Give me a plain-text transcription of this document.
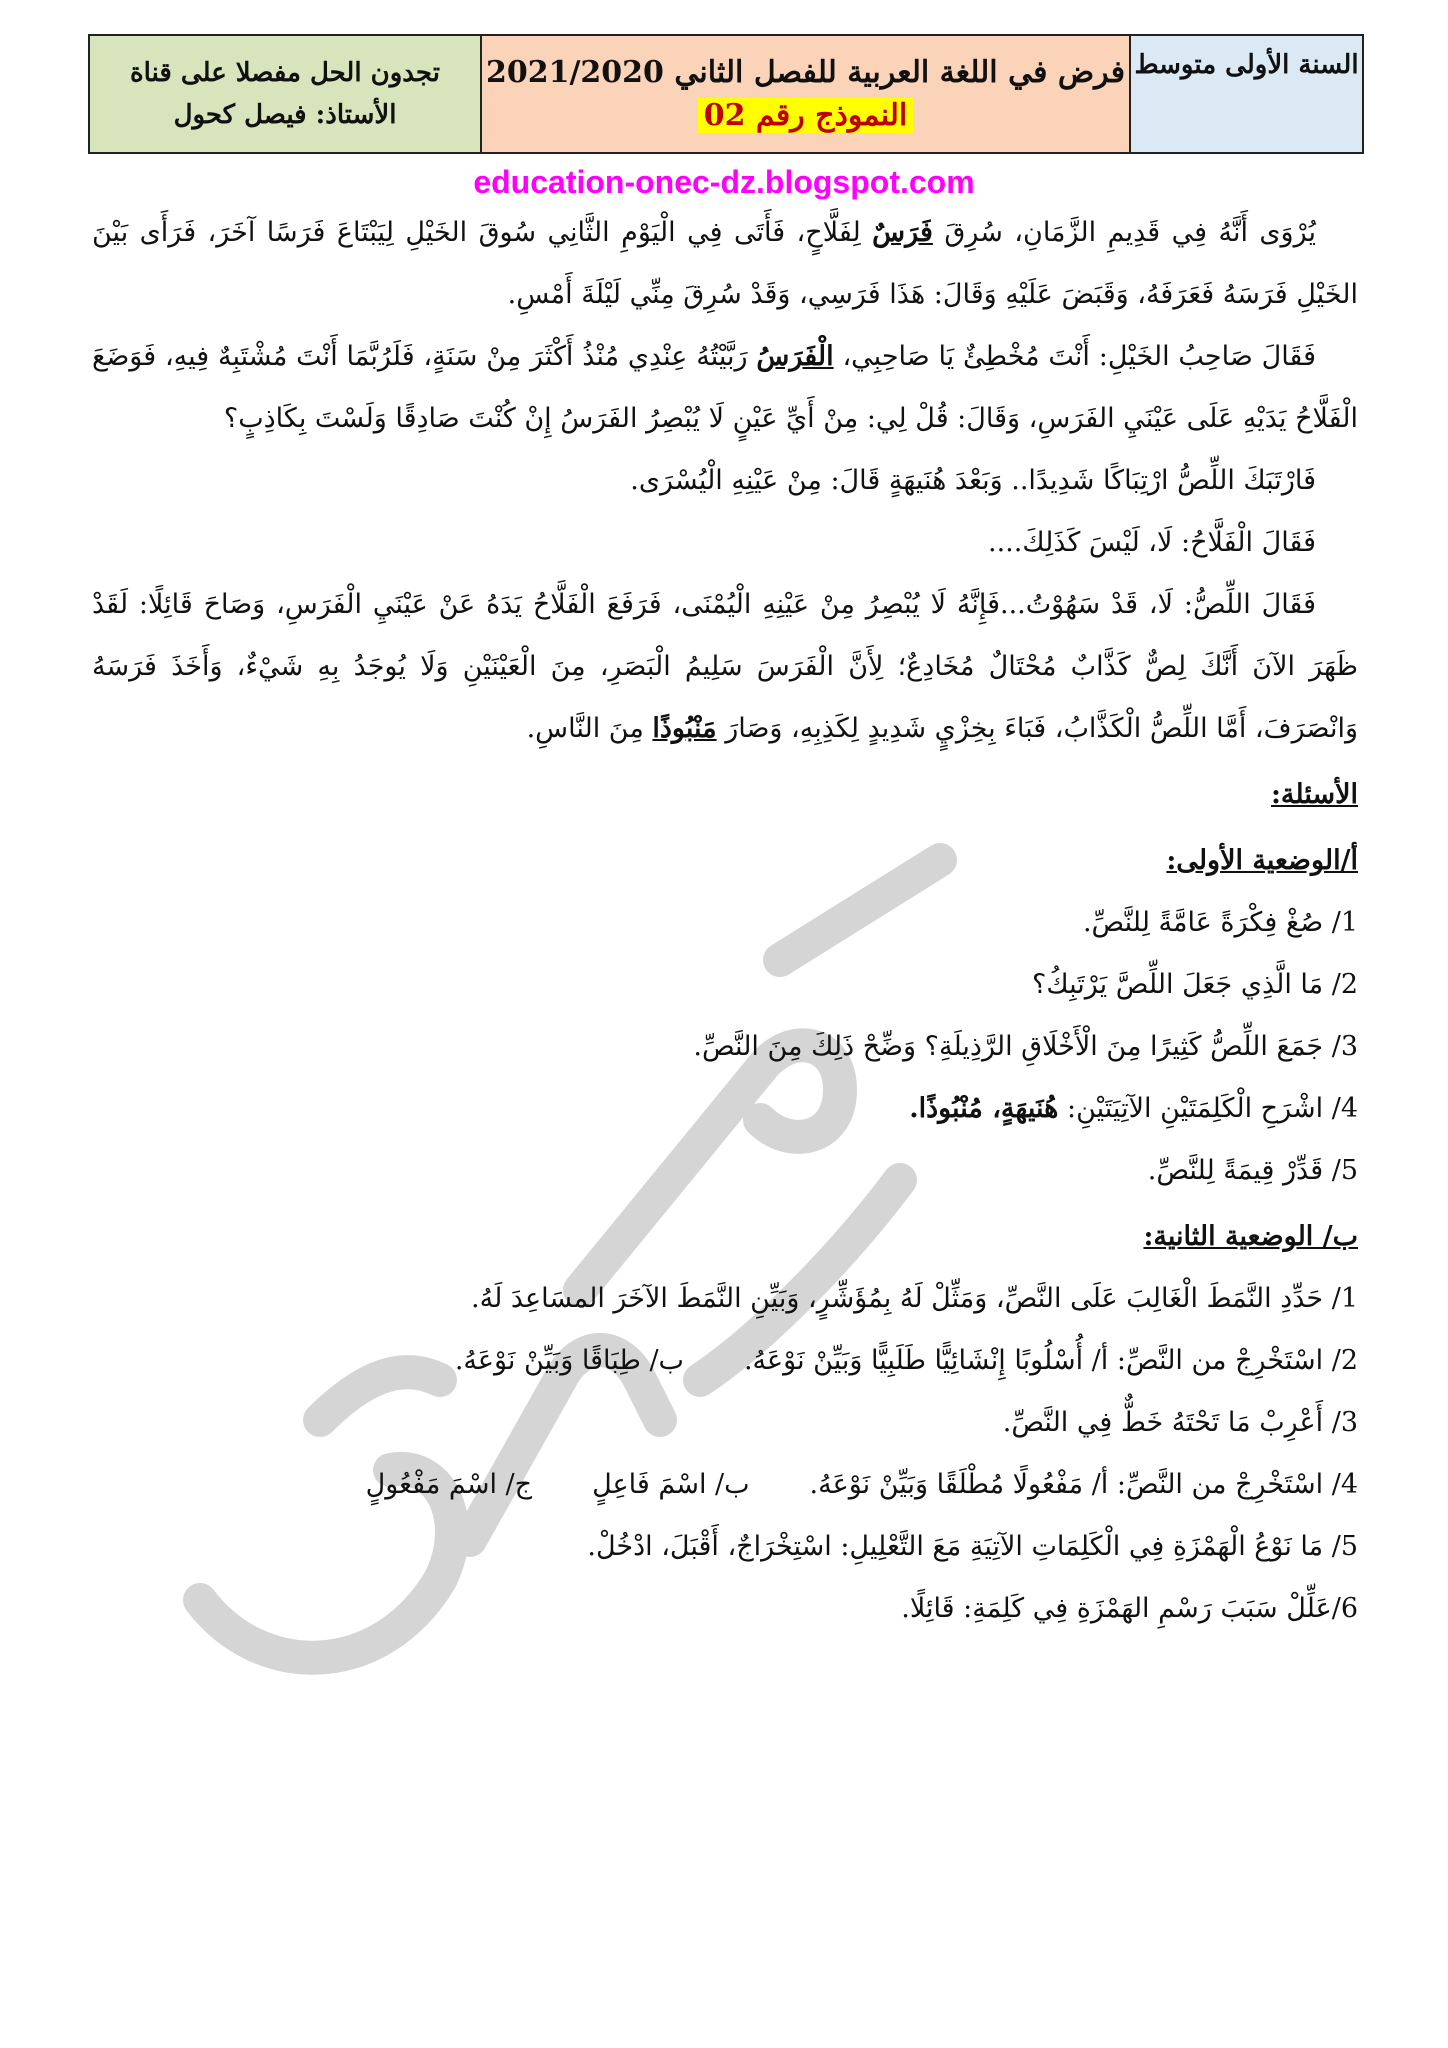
السنة الأولى متوسط
فرض في اللغة العربية للفصل الثاني 2021/2020
النموذج رقم 02
تجدون الحل مفصلا على قناة
الأستاذ: فيصل كحول
education-onec-dz.blogspot.com

يُرْوَى أَنَّهُ فِي قَدِيمِ الزَّمَانِ، سُرِقَ فَرَسٌ لِفَلَّاحٍ، فَأَتَى فِي الْيَوْمِ الثَّانِي سُوقَ الخَيْلِ لِيَبْتَاعَ فَرَسًا آخَرَ، فَرَأَى بَيْنَ الخَيْلِ فَرَسَهُ فَعَرَفَهُ، وَقَبَضَ عَلَيْهِ وَقَالَ: هَذَا فَرَسِي، وَقَدْ سُرِقَ مِنِّي لَيْلَةَ أَمْسِ.

فَقَالَ صَاحِبُ الخَيْلِ: أَنْتَ مُخْطِئٌ يَا صَاحِبِي، الْفَرَسُ رَبَّيْتُهُ عِنْدِي مُنْذُ أَكْثَرَ مِنْ سَنَةٍ، فَلَرُبَّمَا أَنْتَ مُشْتَبِهٌ فِيهِ، فَوَضَعَ الْفَلَّاحُ يَدَيْهِ عَلَى عَيْنَيِ الفَرَسِ، وَقَالَ: قُلْ لِي: مِنْ أَيِّ عَيْنٍ لَا يُبْصِرُ الفَرَسُ إِنْ كُنْتَ صَادِقًا وَلَسْتَ بِكَاذِبٍ؟

فَارْتَبَكَ اللِّصُّ ارْتِبَاكًا شَدِيدًا.. وَبَعْدَ هُنَيهَةٍ قَالَ: مِنْ عَيْنِهِ الْيُسْرَى.

فَقَالَ الْفَلَّاحُ: لَا، لَيْسَ كَذَلِكَ....

فَقَالَ اللِّصُّ: لَا، قَدْ سَهُوْتُ...فَإِنَّهُ لَا يُبْصِرُ مِنْ عَيْنِهِ الْيُمْنَى، فَرَفَعَ الْفَلَّاحُ يَدَهُ عَنْ عَيْنَيِ الْفَرَسِ، وَصَاحَ قَائِلًا: لَقَدْ ظَهَرَ الآنَ أَنَّكَ لِصٌّ كَذَّابٌ مُحْتَالٌ مُخَادِعٌ؛ لِأَنَّ الْفَرَسَ سَلِيمُ الْبَصَرِ، مِنَ الْعَيْنَيْنِ وَلَا يُوجَدُ بِهِ شَيْءٌ، وَأَخَذَ فَرَسَهُ وَانْصَرَفَ، أَمَّا اللِّصُّ الْكَذَّابُ، فَبَاءَ بِخِزْيٍ شَدِيدٍ لِكَذِبِهِ، وَصَارَ مَنْبُوذًا مِنَ النَّاسِ.

الأسئلة:

أ/الوضعية الأولى:

1/ صُغْ فِكْرَةً عَامَّةً لِلنَّصِّ.

2/ مَا الَّذِي جَعَلَ اللِّصَّ يَرْتَبِكُ؟

3/ جَمَعَ اللِّصُّ كَثِيرًا مِنَ الْأَخْلَاقِ الرَّذِيلَةِ؟ وَضِّحْ ذَلِكَ مِنَ النَّصِّ.

4/ اشْرَحِ الْكَلِمَتَيْنِ الآتِيَتَيْنِ: هُنَيهَةٍ، مُنْبُوذًا.

5/ قَدِّرْ قِيمَةً لِلنَّصِّ.

ب/ الوضعية الثانية:

1/ حَدِّدِ النَّمَطَ الْغَالِبَ عَلَى النَّصِّ، وَمَثِّلْ لَهُ بِمُؤَشِّرٍ، وَبَيِّنِ النَّمَطَ الآخَرَ المسَاعِدَ لَهُ.

2/ اسْتَخْرِجْ من النَّصِّ: أ/ أُسْلُوبًا إِنْشَائِيًّا طَلَبِيًّا وَبَيِّنْ نَوْعَهُ.ب/ طِبَاقًا وَبَيِّنْ نَوْعَهُ.

3/ أَعْرِبْ مَا تَحْتَهُ خَطٌّ فِي النَّصِّ.

4/ اسْتَخْرِجْ من النَّصِّ: أ/ مَفْعُولًا مُطْلَقًا وَبَيِّنْ نَوْعَهُ.ب/ اسْمَ فَاعِلٍج/ اسْمَ مَفْعُولٍ

5/ مَا نَوْعُ الْهَمْزَةِ فِي الْكَلِمَاتِ الآتِيَةِ مَعَ التَّعْلِيلِ: اسْتِخْرَاجٌ، أَقْبَلَ، ادْخُلْ.

6/عَلِّلْ سَبَبَ رَسْمِ الهَمْزَةِ فِي كَلِمَةِ: قَائِلًا.
